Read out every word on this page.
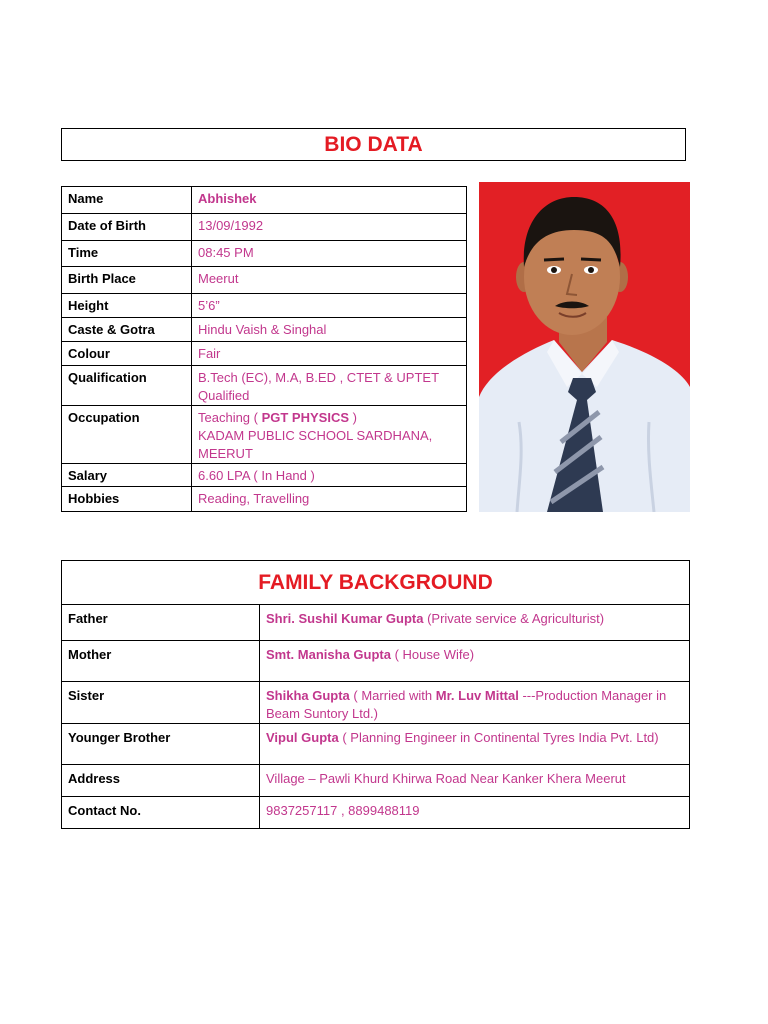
BIO DATA
Name	Abhishek
Date of Birth	13/09/1992
Time	08:45 PM
Birth Place	Meerut
Height	5’6”
Caste & Gotra	Hindu Vaish & Singhal
Colour	Fair
Qualification	B.Tech (EC), M.A, B.ED , CTET & UPTET Qualified
Occupation	Teaching ( PGT PHYSICS )
KADAM PUBLIC SCHOOL SARDHANA, MEERUT
Salary	6.60 LPA ( In Hand )
Hobbies	Reading, Travelling
FAMILY BACKGROUND	
Father	Shri. Sushil Kumar Gupta (Private service & Agriculturist)
Mother	Smt. Manisha Gupta ( House Wife)
Sister	Shikha Gupta ( Married with Mr. Luv Mittal ---Production Manager in Beam Suntory Ltd.)
Younger Brother	Vipul Gupta ( Planning Engineer in Continental Tyres India Pvt. Ltd)
Address	Village – Pawli Khurd Khirwa Road Near Kanker Khera Meerut
Contact No.	9837257117 , 8899488119
